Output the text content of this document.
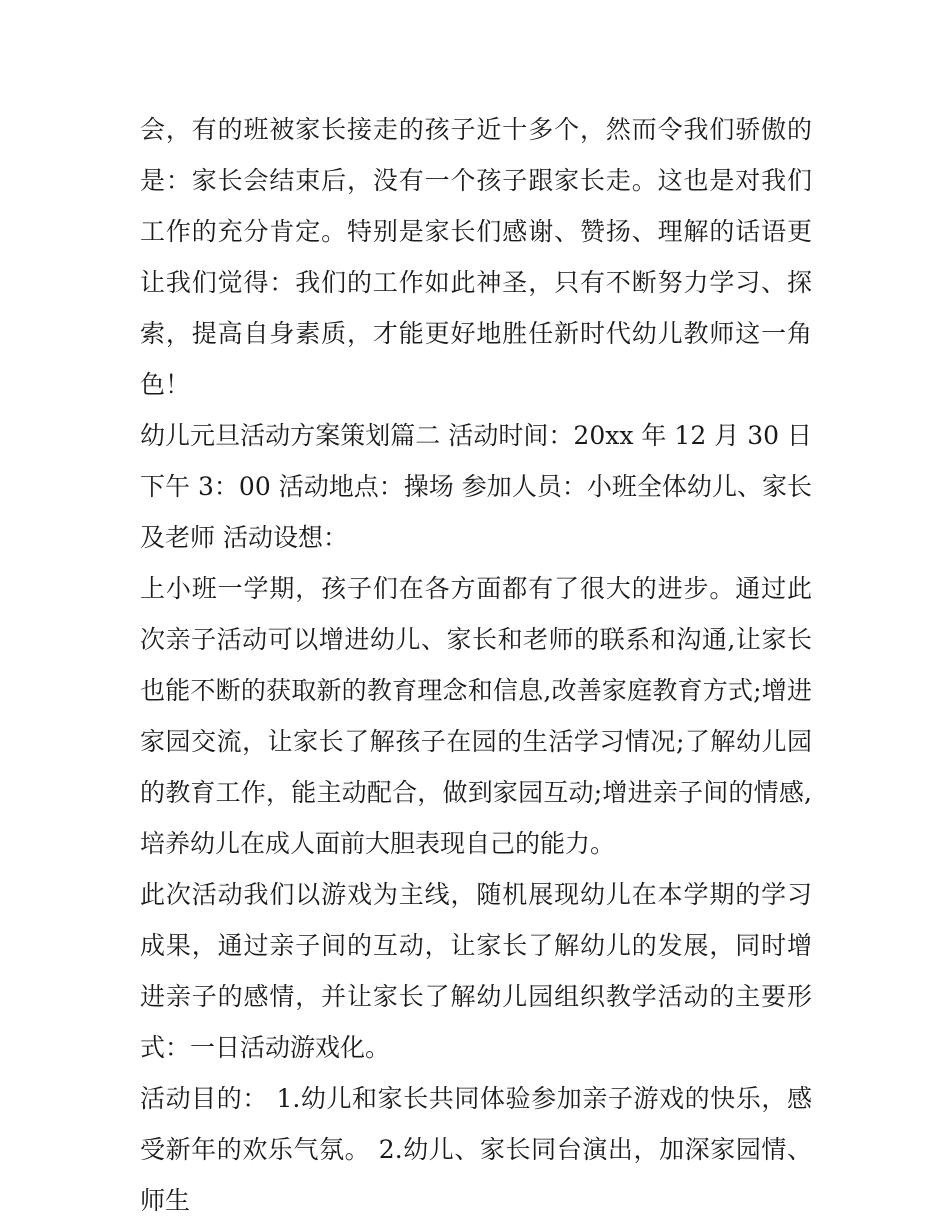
会，有的班被家长接走的孩子近十多个，然而令我们骄傲的是：家长会结束后，没有一个孩子跟家长走。这也是对我们工作的充分肯定。特别是家长们感谢、赞扬、理解的话语更让我们觉得：我们的工作如此神圣，只有不断努力学习、探索，提高自身素质，才能更好地胜任新时代幼儿教师这一角色！

幼儿元旦活动方案策划篇二 活动时间：20xx 年 12 月 30 日 下午 3：00 活动地点：操场 参加人员：小班全体幼儿、家长及老师 活动设想：

上小班一学期，孩子们在各方面都有了很大的进步。通过此次亲子活动可以增进幼儿、家长和老师的联系和沟通,让家长也能不断的获取新的教育理念和信息,改善家庭教育方式;增进家园交流，让家长了解孩子在园的生活学习情况;了解幼儿园的教育工作，能主动配合，做到家园互动;增进亲子间的情感,培养幼儿在成人面前大胆表现自己的能力。

此次活动我们以游戏为主线，随机展现幼儿在本学期的学习成果，通过亲子间的互动，让家长了解幼儿的发展，同时增进亲子的感情，并让家长了解幼儿园组织教学活动的主要形式：一日活动游戏化。

活动目的： 1.幼儿和家长共同体验参加亲子游戏的快乐，感受新年的欢乐气氛。 2.幼儿、家长同台演出，加深家园情、师生
